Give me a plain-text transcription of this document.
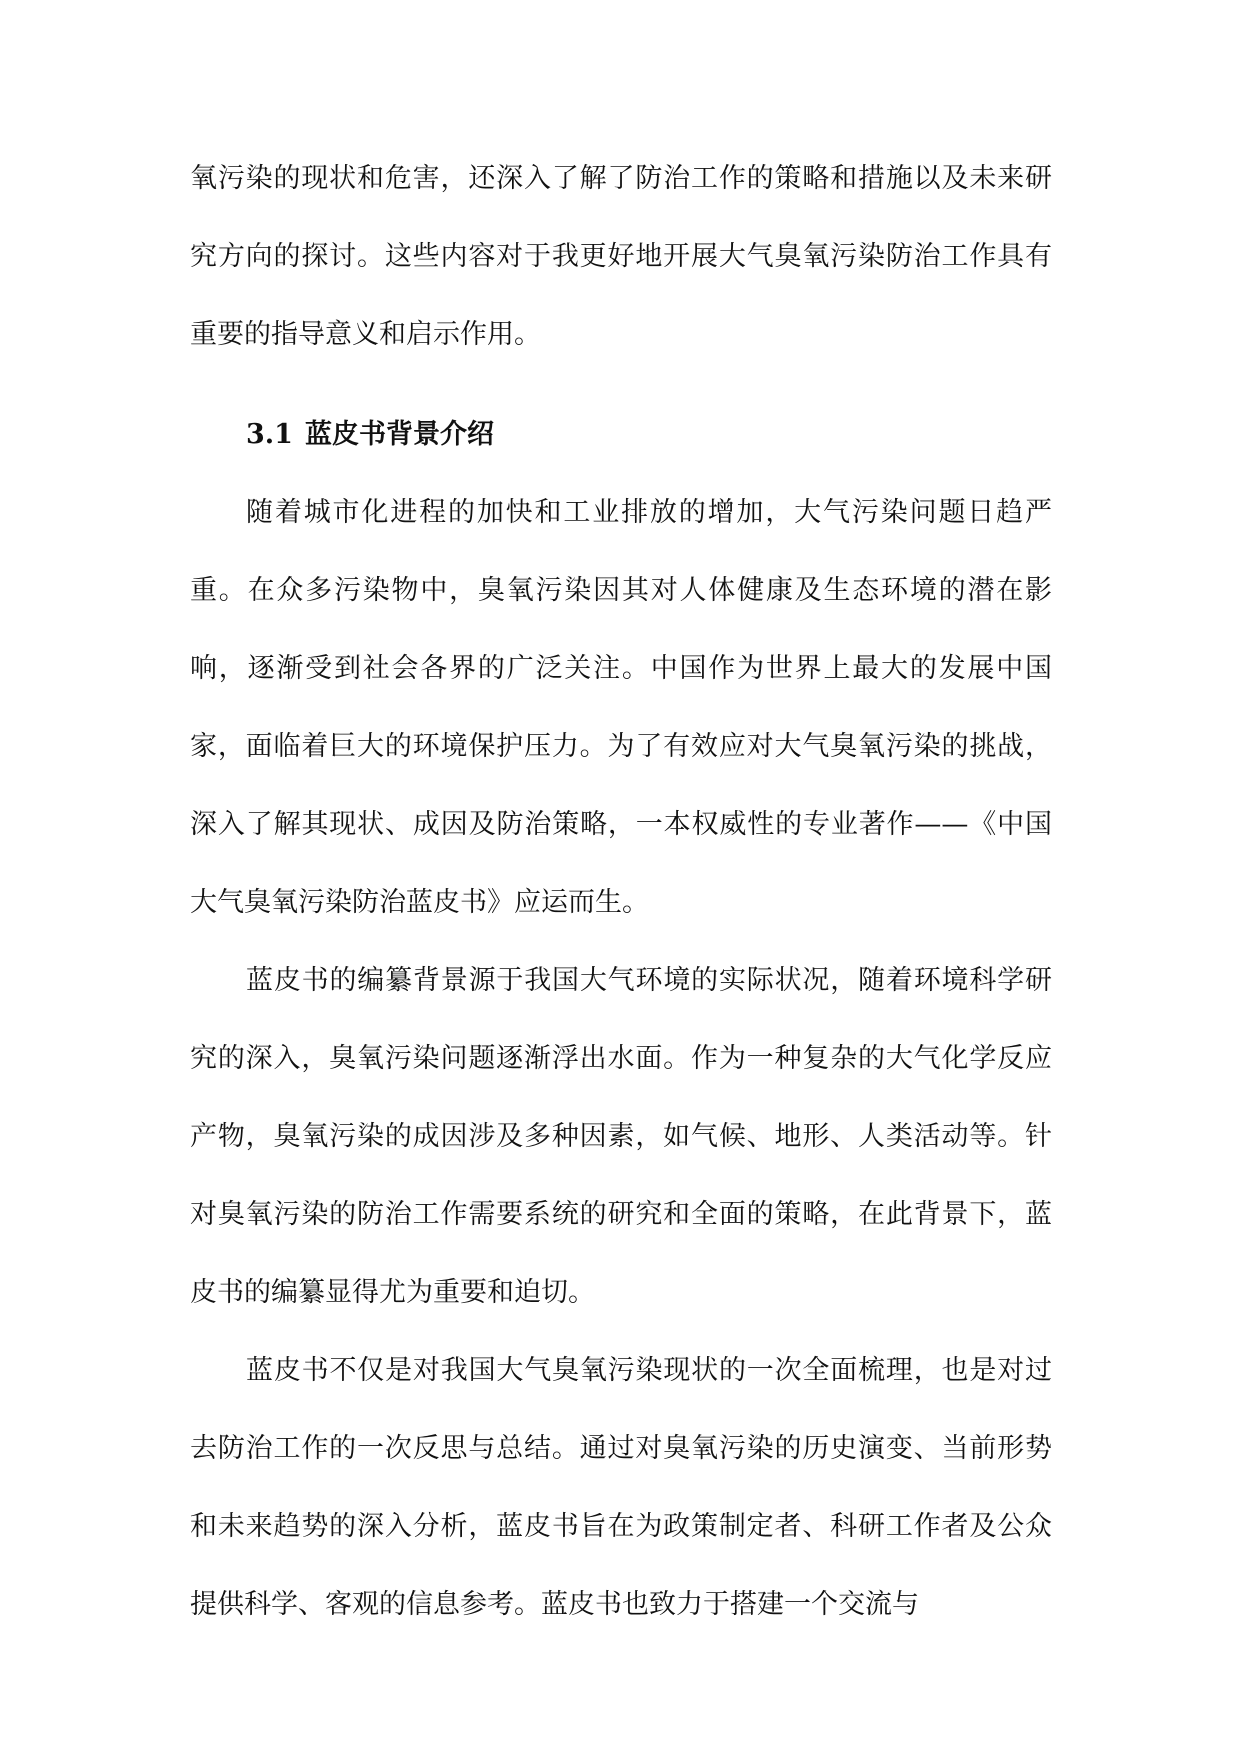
氧污染的现状和危害，还深入了解了防治工作的策略和措施以及未来研究方向的探讨。这些内容对于我更好地开展大气臭氧污染防治工作具有重要的指导意义和启示作用。

3.1 蓝皮书背景介绍

随着城市化进程的加快和工业排放的增加，大气污染问题日趋严重。在众多污染物中，臭氧污染因其对人体健康及生态环境的潜在影响，逐渐受到社会各界的广泛关注。中国作为世界上最大的发展中国家，面临着巨大的环境保护压力。为了有效应对大气臭氧污染的挑战，深入了解其现状、成因及防治策略，一本权威性的专业著作——《中国大气臭氧污染防治蓝皮书》应运而生。

蓝皮书的编纂背景源于我国大气环境的实际状况，随着环境科学研究的深入，臭氧污染问题逐渐浮出水面。作为一种复杂的大气化学反应产物，臭氧污染的成因涉及多种因素，如气候、地形、人类活动等。针对臭氧污染的防治工作需要系统的研究和全面的策略，在此背景下，蓝皮书的编纂显得尤为重要和迫切。

蓝皮书不仅是对我国大气臭氧污染现状的一次全面梳理，也是对过去防治工作的一次反思与总结。通过对臭氧污染的历史演变、当前形势和未来趋势的深入分析，蓝皮书旨在为政策制定者、科研工作者及公众提供科学、客观的信息参考。蓝皮书也致力于搭建一个交流与
